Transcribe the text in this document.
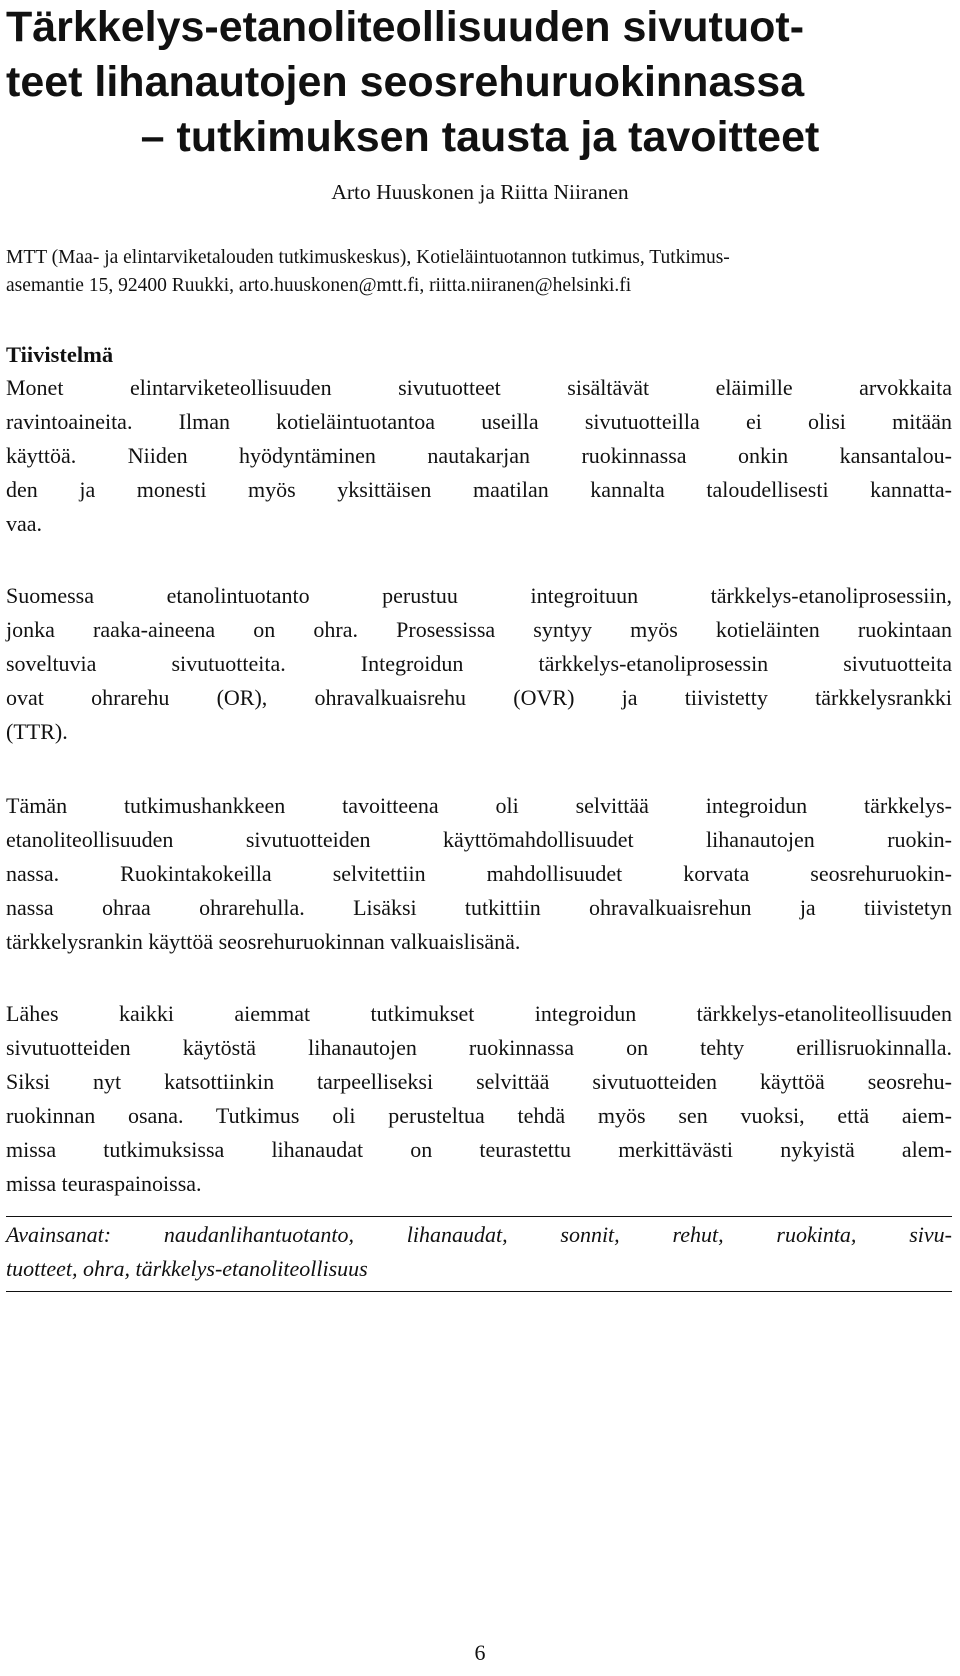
Tärkkelys-etanoliteollisuuden sivutuot-
teet lihanautojen seosrehuruokinnassa
– tutkimuksen tausta ja tavoitteet
Arto Huuskonen ja Riitta Niiranen
MTT (Maa- ja elintarviketalouden tutkimuskeskus), Kotieläintuotannon tutkimus, Tutkimus-
asemantie 15, 92400 Ruukki, arto.huuskonen@mtt.fi, riitta.niiranen@helsinki.fi
Tiivistelmä
Monet elintarviketeollisuuden sivutuotteet sisältävät eläimille arvokkaita
ravintoaineita. Ilman kotieläintuotantoa useilla sivutuotteilla ei olisi mitään
käyttöä. Niiden hyödyntäminen nautakarjan ruokinnassa onkin kansantalou-
den ja monesti myös yksittäisen maatilan kannalta taloudellisesti kannatta-
vaa.
Suomessa etanolintuotanto perustuu integroituun tärkkelys-etanoliprosessiin,
jonka raaka-aineena on ohra. Prosessissa syntyy myös kotieläinten ruokintaan
soveltuvia sivutuotteita. Integroidun tärkkelys-etanoliprosessin sivutuotteita
ovat ohrarehu (OR), ohravalkuaisrehu (OVR) ja tiivistetty tärkkelysrankki
(TTR).
Tämän tutkimushankkeen tavoitteena oli selvittää integroidun tärkkelys-
etanoliteollisuuden sivutuotteiden käyttömahdollisuudet lihanautojen ruokin-
nassa. Ruokintakokeilla selvitettiin mahdollisuudet korvata seosrehuruokin-
nassa ohraa ohrarehulla. Lisäksi tutkittiin ohravalkuaisrehun ja tiivistetyn
tärkkelysrankin käyttöä seosrehuruokinnan valkuaislisänä.
Lähes kaikki aiemmat tutkimukset integroidun tärkkelys-etanoliteollisuuden
sivutuotteiden käytöstä lihanautojen ruokinnassa on tehty erillisruokinnalla.
Siksi nyt katsottiinkin tarpeelliseksi selvittää sivutuotteiden käyttöä seosrehu-
ruokinnan osana. Tutkimus oli perusteltua tehdä myös sen vuoksi, että aiem-
missa tutkimuksissa lihanaudat on teurastettu merkittävästi nykyistä alem-
missa teuraspainoissa.
Avainsanat: naudanlihantuotanto, lihanaudat, sonnit, rehut, ruokinta, sivu-
tuotteet, ohra, tärkkelys-etanoliteollisuus
6
